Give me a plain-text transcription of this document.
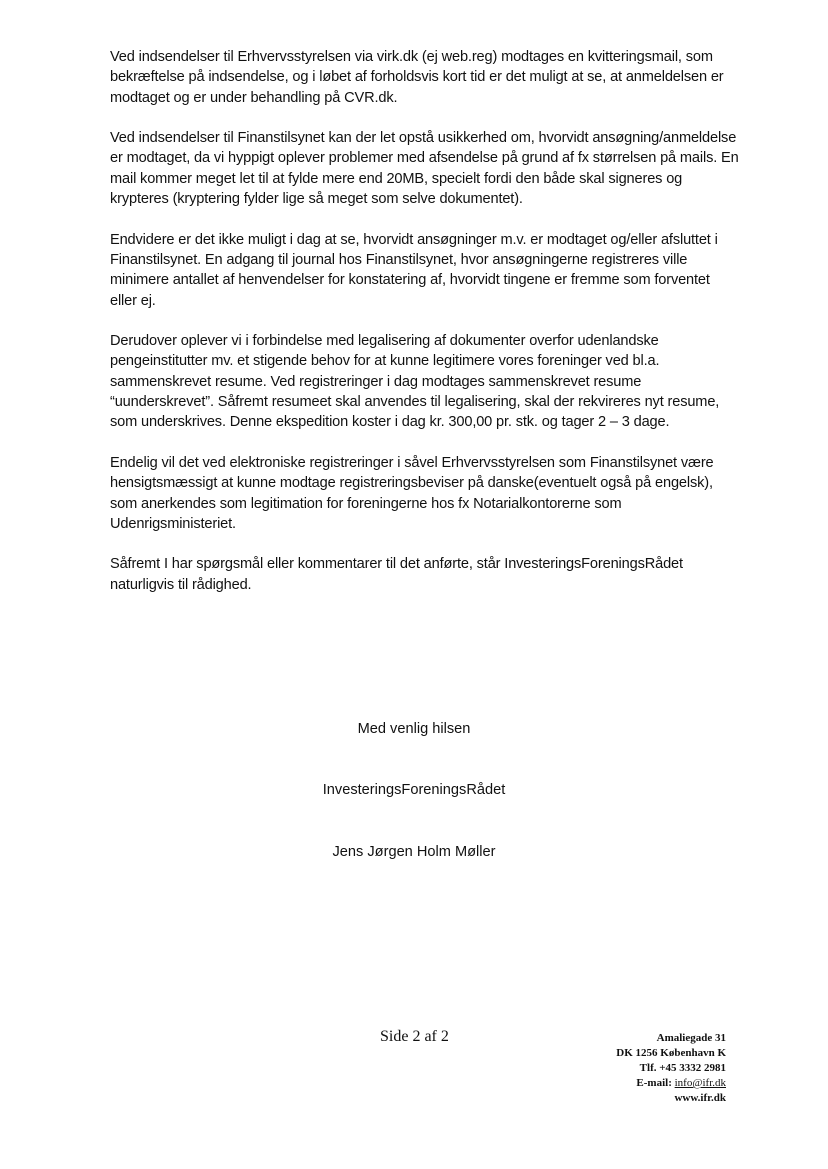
Ved indsendelser til Erhvervsstyrelsen via virk.dk (ej web.reg) modtages en kvitteringsmail, som bekræftelse på indsendelse, og i løbet af forholdsvis kort tid er det muligt at se, at anmeldelsen er modtaget og er under behandling på CVR.dk.

Ved indsendelser til Finanstilsynet kan der let opstå usikkerhed om, hvorvidt ansøgning/anmeldelse er modtaget, da vi hyppigt oplever problemer med afsendelse på grund af fx størrelsen på mails. En mail kommer meget let til at fylde mere end 20MB, specielt fordi den både skal signeres og krypteres (kryptering fylder lige så meget som selve dokumentet).

Endvidere er det ikke muligt i dag at se, hvorvidt ansøgninger m.v. er modtaget og/eller afsluttet i Finanstilsynet. En adgang til journal hos Finanstilsynet, hvor ansøgningerne registreres ville minimere antallet af henvendelser for konstatering af, hvorvidt tingene er fremme som forventet eller ej.

Derudover oplever vi i forbindelse med legalisering af dokumenter overfor udenlandske pengeinstitutter mv. et stigende behov for at kunne legitimere vores foreninger ved bl.a. sammenskrevet resume. Ved registreringer i dag modtages sammenskrevet resume “uunderskrevet”. Såfremt resumeet skal anvendes til legalisering, skal der rekvireres nyt resume, som underskrives. Denne ekspedition koster i dag kr. 300,00 pr. stk. og tager 2 – 3 dage.

Endelig vil det ved elektroniske registreringer i såvel Erhvervsstyrelsen som Finanstilsynet være hensigtsmæssigt at kunne modtage registreringsbeviser på danske(eventuelt også på engelsk), som anerkendes som legitimation for foreningerne hos fx Notarialkontorerne som Udenrigsministeriet.

Såfremt I har spørgsmål eller kommentarer til det anførte, står InvesteringsForeningsRådet naturligvis til rådighed.

Med venlig hilsen
InvesteringsForeningsRådet
Jens Jørgen Holm Møller
Side 2 af 2	Amaliegade 31
DK 1256 København K
Tlf. +45 3332 2981
E-mail: info@ifr.dk
www.ifr.dk
